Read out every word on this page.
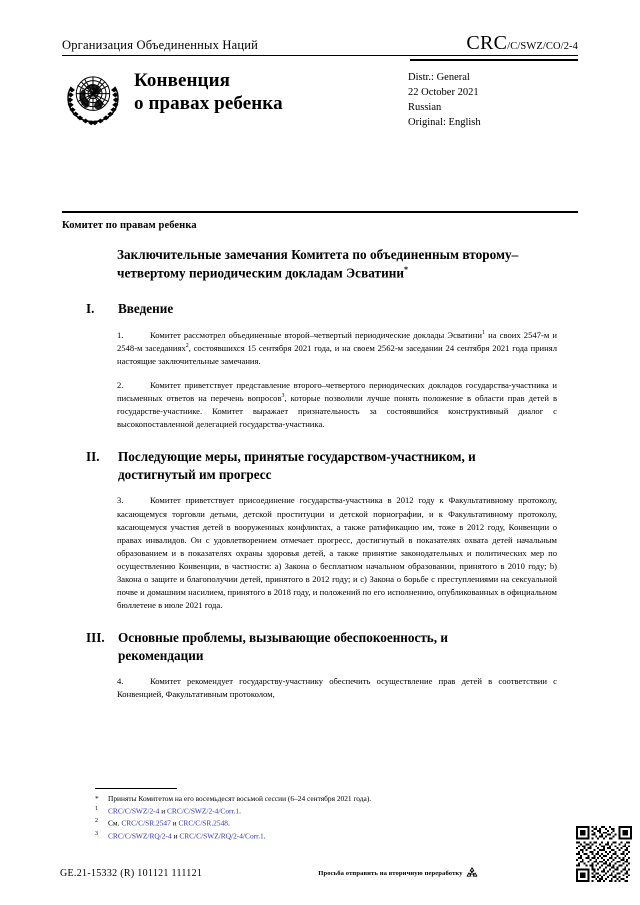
Организация Объединенных Наций	CRC/C/SWZ/CO/2-4
Конвенция
о правах ребенка
Distr.: General
22 October 2021
Russian
Original: English
Комитет по правам ребенка
Заключительные замечания Комитета по объединенным второму–четвертому периодическим докладам Эсватини*
I.	Введение
1.	Комитет рассмотрел объединенные второй–четвертый периодические доклады Эсватини$^1$ на своих 2547-м и 2548-м заседаниях$^2$, состоявшихся 15 сентября 2021 года, и на своем 2562-м заседании 24 сентября 2021 года принял настоящие заключительные замечания.
2.	Комитет приветствует представление второго–четвертого периодических докладов государства-участника и письменных ответов на перечень вопросов$^3$, которые позволили лучше понять положение в области прав детей в государстве-участнике. Комитет выражает признательность за состоявшийся конструктивный диалог с высокопоставленной делегацией государства-участника.
II.	Последующие меры, принятые государством-участником, и достигнутый им прогресс
3.	Комитет приветствует присоединение государства-участника в 2012 году к Факультативному протоколу, касающемуся торговли детьми, детской проституции и детской порнографии, и к Факультативному протоколу, касающемуся участия детей в вооруженных конфликтах, а также ратификацию им, тоже в 2012 году, Конвенции о правах инвалидов. Он с удовлетворением отмечает прогресс, достигнутый в показателях охвата детей начальным образованием и в показателях охраны здоровья детей, а также принятие законодательных и политических мер по осуществлению Конвенции, в частности: a) Закона о бесплатном начальном образовании, принятого в 2010 году; b) Закона о защите и благополучии детей, принятого в 2012 году; и c) Закона о борьбе с преступлениями на сексуальной почве и домашним насилием, принятого в 2018 году, и положений по его исполнению, опубликованных в официальном бюллетене в июле 2021 года.
III.	Основные проблемы, вызывающие обеспокоенность, и рекомендации
4.	Комитет рекомендует государству-участнику обеспечить осуществление прав детей в соответствии с Конвенцией, Факультативным протоколом,
* Приняты Комитетом на его восемьдесят восьмой сессии (6–24 сентября 2021 года).
1 CRC/C/SWZ/2-4 и CRC/C/SWZ/2-4/Corr.1.
2 См. CRC/C/SR.2547 и CRC/C/SR.2548.
3 CRC/C/SWZ/RQ/2-4 и CRC/C/SWZ/RQ/2-4/Corr.1.
GE.21-15332 (R) 101121 111121	Просьба отправить на вторичную переработку
